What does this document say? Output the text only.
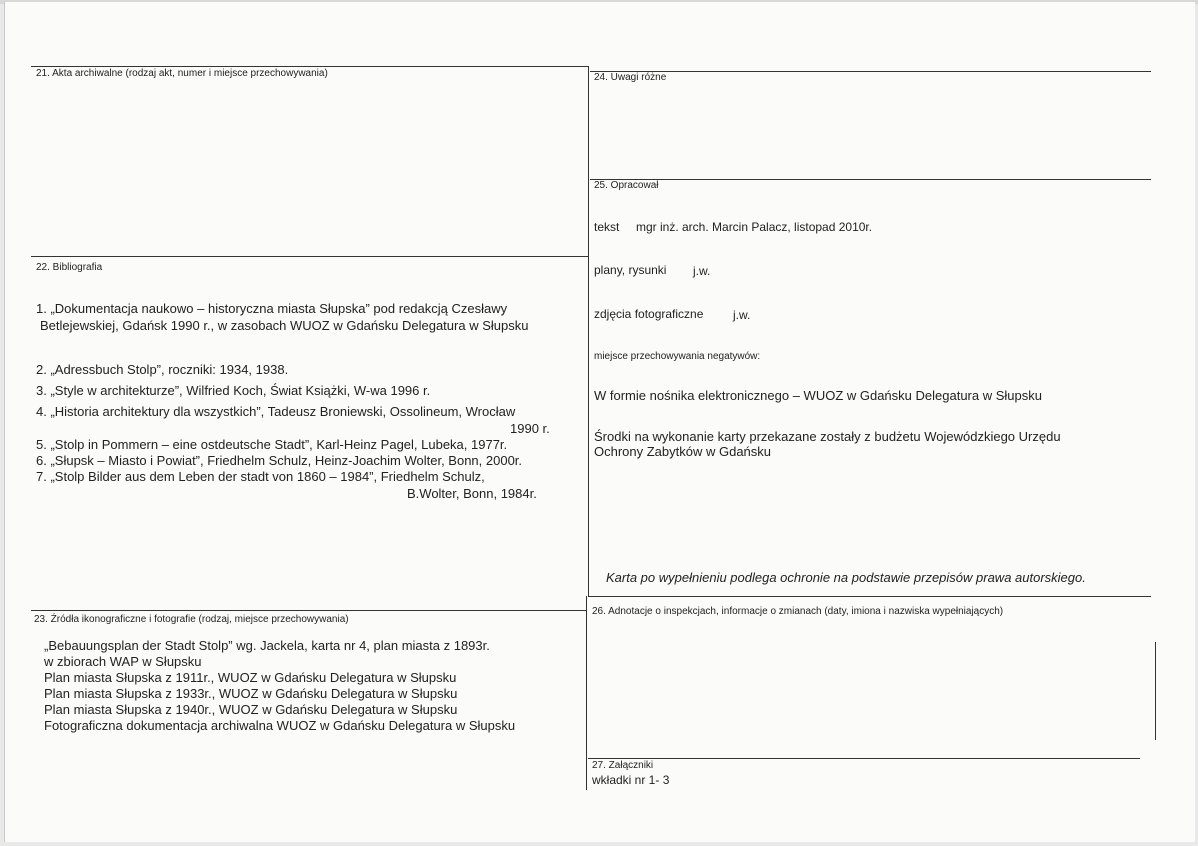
21. Akta archiwalne (rodzaj akt, numer i miejsce przechowywania)	24. Uwagi różne
25. Opracował
tekst mgr inż. arch. Marcin Palacz, listopad 2010r.
plany, rysunki j.w.
zdjęcia fotograficzne j.w.
miejsce przechowywania negatywów:
W formie nośnika elektronicznego – WUOZ w Gdańsku Delegatura w Słupsku
Środki na wykonanie karty przekazane zostały z budżetu Wojewódzkiego Urzędu
Ochrony Zabytków w Gdańsku
Karta po wypełnieniu podlega ochronie na podstawie przepisów prawa autorskiego.
22. Bibliografia
1. „Dokumentacja naukowo – historyczna miasta Słupska” pod redakcją Czesławy
Betlejewskiej, Gdańsk 1990 r., w zasobach WUOZ w Gdańsku Delegatura w Słupsku
2. „Adressbuch Stolp”, roczniki: 1934, 1938.
3. „Style w architekturze”, Wilfried Koch, Świat Książki, W-wa 1996 r.
4. „Historia architektury dla wszystkich”, Tadeusz Broniewski, Ossolineum, Wrocław
1990 r.
5. „Stolp in Pommern – eine ostdeutsche Stadt”, Karl-Heinz Pagel, Lubeka, 1977r.
6. „Słupsk – Miasto i Powiat”, Friedhelm Schulz, Heinz-Joachim Wolter, Bonn, 2000r.
7. „Stolp Bilder aus dem Leben der stadt von 1860 – 1984”, Friedhelm Schulz,
B.Wolter, Bonn, 1984r.
23. Źródła ikonograficzne i fotografie (rodzaj, miejsce przechowywania)
„Bebauungsplan der Stadt Stolp” wg. Jackela, karta nr 4, plan miasta z 1893r.
w zbiorach WAP w Słupsku
Plan miasta Słupska z 1911r., WUOZ w Gdańsku Delegatura w Słupsku
Plan miasta Słupska z 1933r., WUOZ w Gdańsku Delegatura w Słupsku
Plan miasta Słupska z 1940r., WUOZ w Gdańsku Delegatura w Słupsku
Fotograficzna dokumentacja archiwalna WUOZ w Gdańsku Delegatura w Słupsku
26. Adnotacje o inspekcjach, informacje o zmianach (daty, imiona i nazwiska wypełniających)
27. Załączniki
wkładki nr 1- 3
